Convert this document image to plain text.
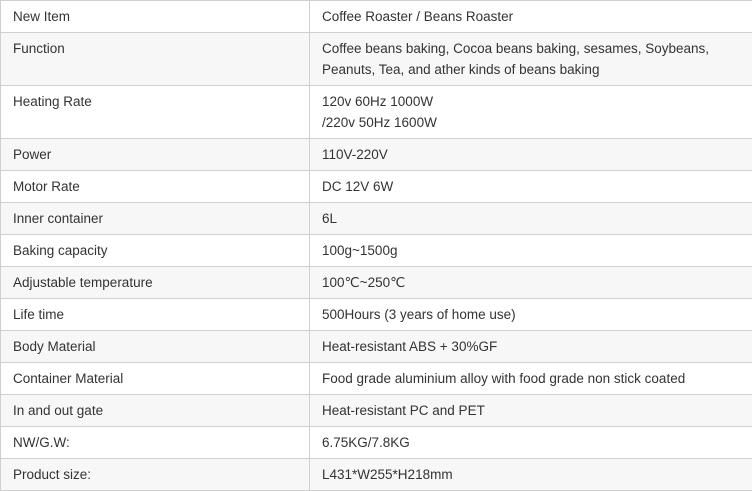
New Item	Coffee Roaster / Beans Roaster

Function	Coffee beans baking, Cocoa beans baking, sesames, Soybeans,
Peanuts, Tea, and ather kinds of beans baking

Heating Rate	120v 60Hz 1000W
/220v 50Hz 1600W

Power	110V-220V

Motor Rate	DC 12V 6W

Inner container	6L

Baking capacity	100g~1500g

Adjustable temperature	100℃~250℃

Life time	500Hours (3 years of home use)

Body Material	Heat-resistant ABS + 30%GF

Container Material	Food grade aluminium alloy with food grade non stick coated

In and out gate	Heat-resistant PC and PET

NW/G.W:	6.75KG/7.8KG

Product size:	L431*W255*H218mm
